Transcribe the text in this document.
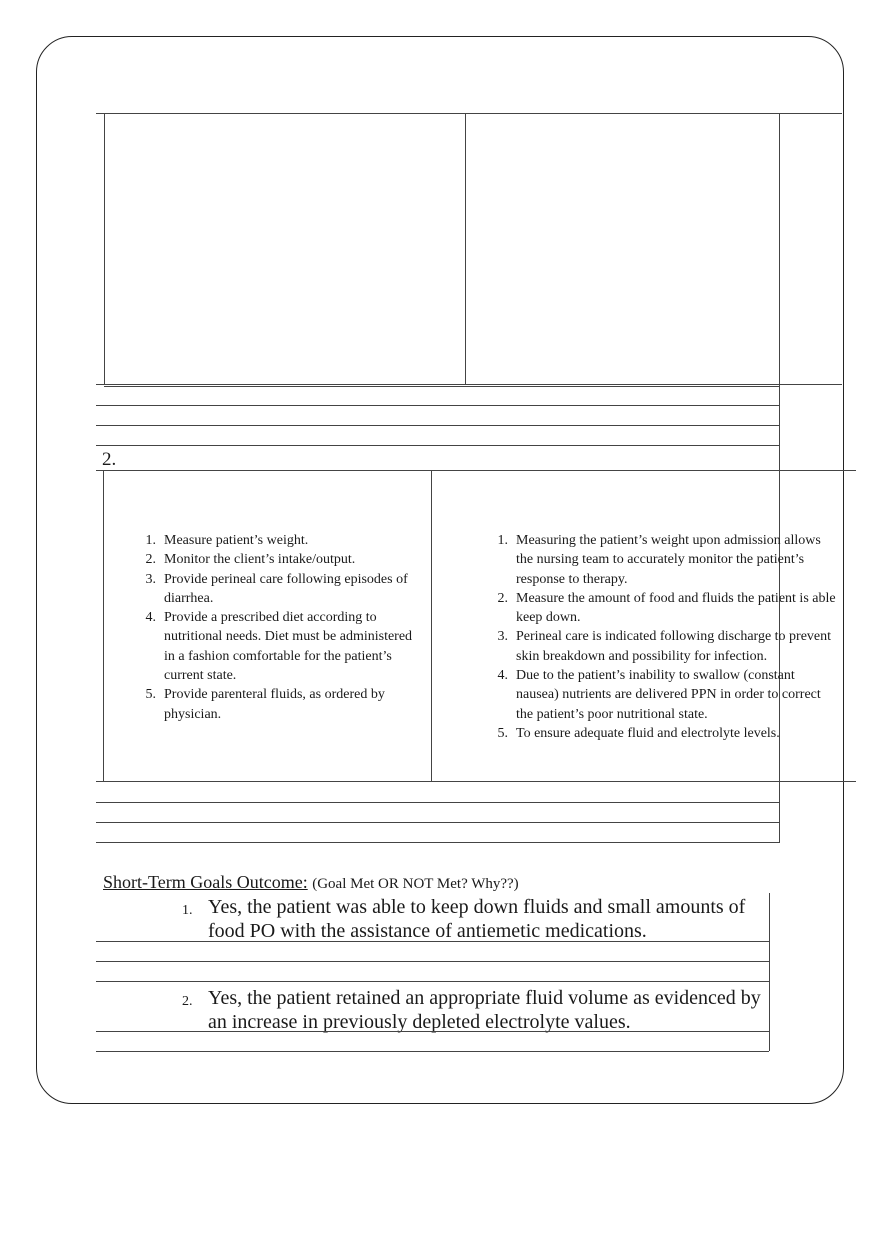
2.
1. Measure patient’s weight.
2. Monitor the client’s intake/output.
3. Provide perineal care following episodes of diarrhea.
4. Provide a prescribed diet according to nutritional needs. Diet must be administered in a fashion comfortable for the patient’s current state.
5. Provide parenteral fluids, as ordered by physician.
1. Measuring the patient’s weight upon admission allows the nursing team to accurately monitor the patient’s response to therapy.
2. Measure the amount of food and fluids the patient is able keep down.
3. Perineal care is indicated following discharge to prevent skin breakdown and possibility for infection.
4. Due to the patient’s inability to swallow (constant nausea) nutrients are delivered PPN in order to correct the patient’s poor nutritional state.
5. To ensure adequate fluid and electrolyte levels.
Short-Term Goals Outcome: (Goal Met OR NOT Met? Why??)
1. Yes, the patient was able to keep down fluids and small amounts of food PO with the assistance of antiemetic medications.
2. Yes, the patient retained an appropriate fluid volume as evidenced by an increase in previously depleted electrolyte values.
